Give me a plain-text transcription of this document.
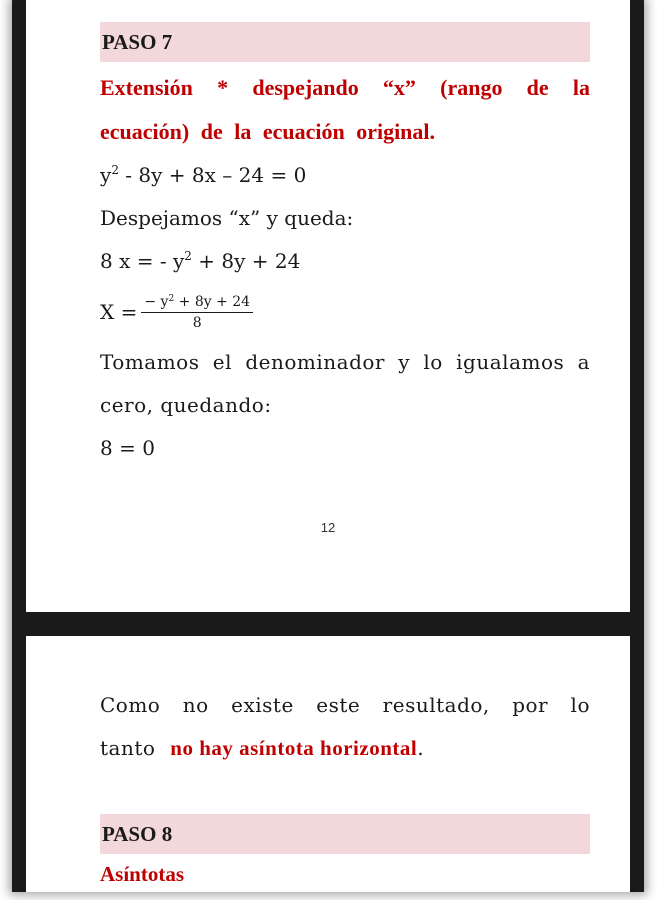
PASO 7
Extensión * despejando “x” (rango de la ecuación) de la ecuación original.
$y^2 - 8y + 8x - 24 = 0$
Despejamos “x” y queda:
8 x = - $y^2 + 8y + 24$
$X = \frac{- y^2 + 8y + 24}{8}$
Tomamos el denominador y lo igualamos a cero, quedando:
8 = 0
12
Como no existe este resultado, por lo tanto no hay asíntota horizontal.
PASO 8
Asíntotas
